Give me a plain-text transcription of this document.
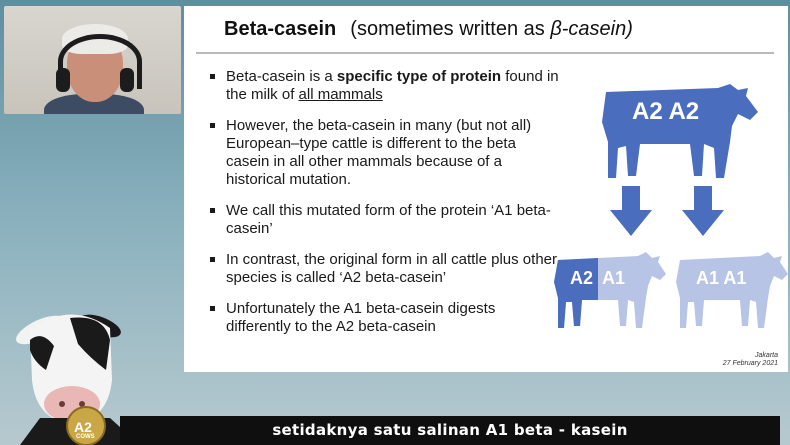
Beta-casein (sometimes written as β-casein)
Beta-casein is a specific type of protein found in the milk of all mammals
However, the beta-casein in many (but not all) European–type cattle is different to the beta casein in all other mammals because of a historical mutation.
We call this mutated form of the protein ‘A1 beta-casein’
In contrast, the original form in all cattle plus other species is called ‘A2 beta-casein’
Unfortunately the A1 beta-casein digests differently to the A2 beta-casein
A2 A2
A2 A1	A1 A1
Jakarta
27 February 2021
A2
COWS	setidaknya satu salinan A1 beta - kasein
